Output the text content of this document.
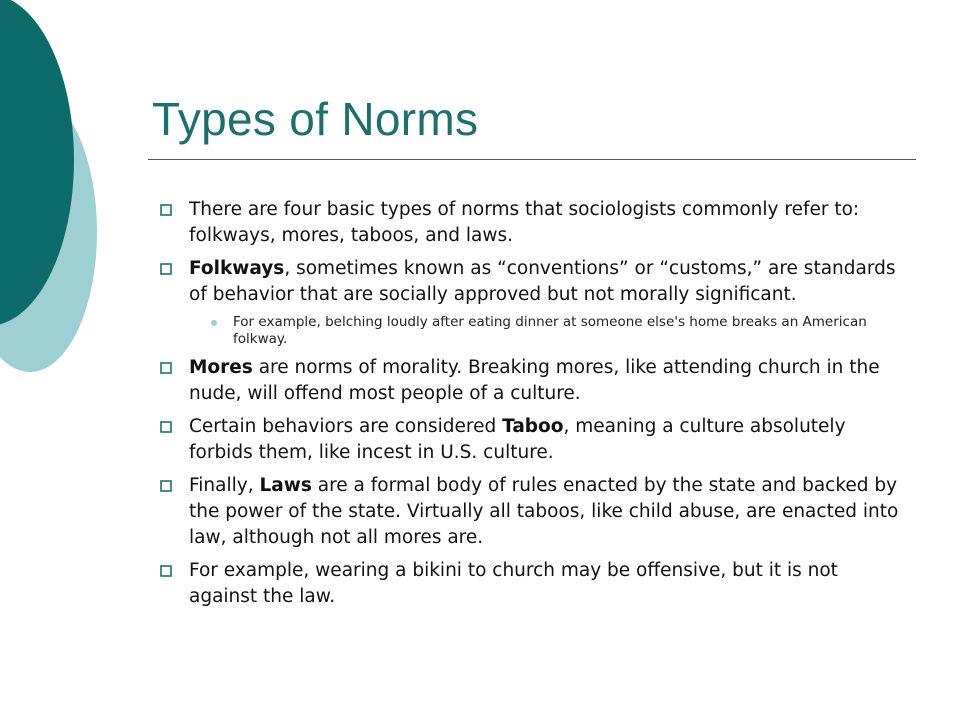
Types of Norms
There are four basic types of norms that sociologists commonly refer to: folkways, mores, taboos, and laws.
Folkways, sometimes known as “conventions” or “customs,” are standards of behavior that are socially approved but not morally significant.
For example, belching loudly after eating dinner at someone else's home breaks an American folkway.
Mores are norms of morality. Breaking mores, like attending church in the nude, will offend most people of a culture.
Certain behaviors are considered Taboo, meaning a culture absolutely forbids them, like incest in U.S. culture.
Finally, Laws are a formal body of rules enacted by the state and backed by the power of the state. Virtually all taboos, like child abuse, are enacted into law, although not all mores are.
For example, wearing a bikini to church may be offensive, but it is not against the law.
